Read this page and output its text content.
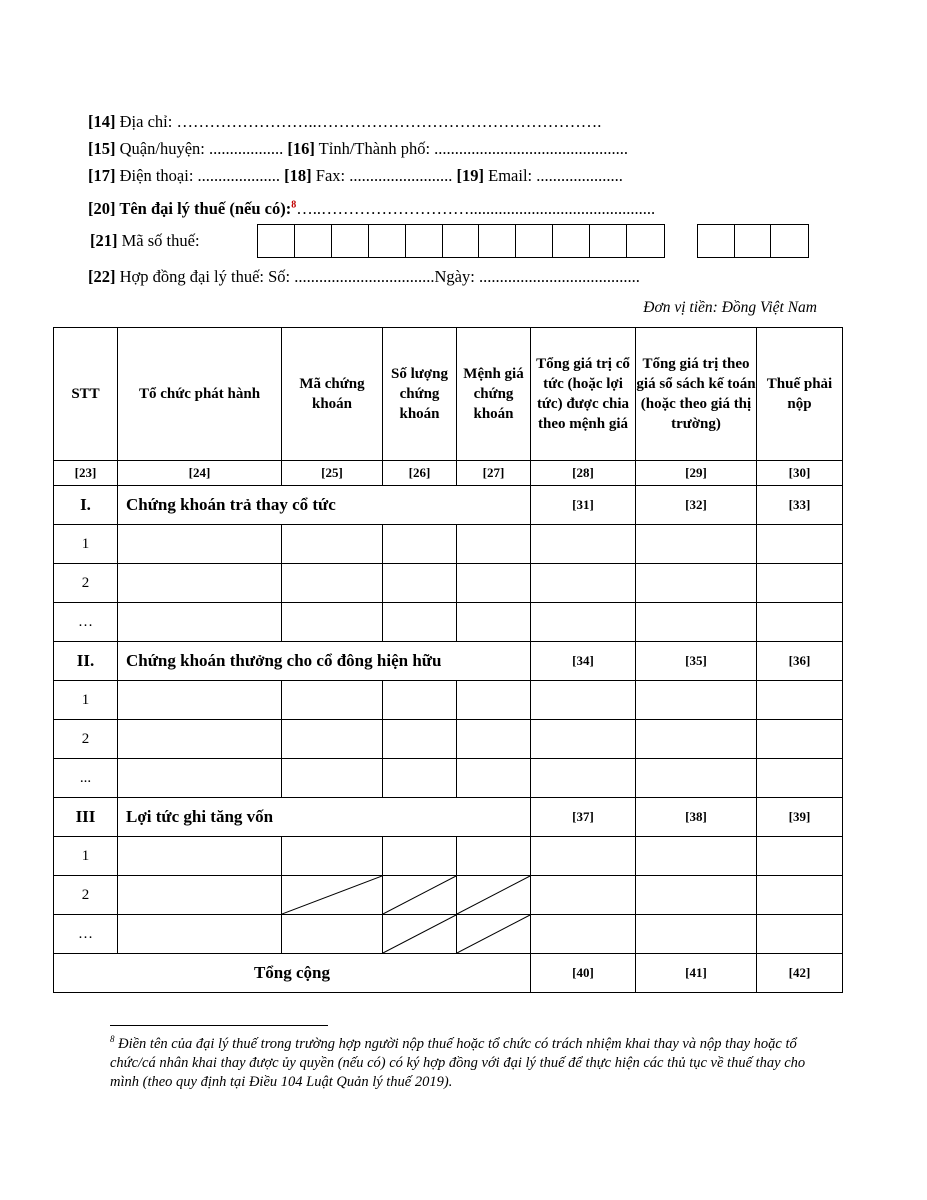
[14] Địa chỉ: ……………………..…………………………………………….
[15] Quận/huyện: .................. [16] Tỉnh/Thành phố: ...............................................
[17] Điện thoại: .................... [18] Fax: ......................... [19] Email: .....................
[20] Tên đại lý thuế (nếu có):$^8$…..……………………….............................................
[21] Mã số thuế:
[22] Hợp đồng đại lý thuế: Số: ..................................Ngày: .......................................
Đơn vị tiền: Đồng Việt Nam
STT	Tổ chức phát hành	Mã chứng khoán	Số lượng chứng khoán	Mệnh giá chứng khoán	Tổng giá trị cổ tức (hoặc lợi tức) được chia theo mệnh giá	Tổng giá trị theo giá sổ sách kế toán (hoặc theo giá thị trường)	Thuế phải nộp
[23]	[24]	[25]	[26]	[27]	[28]	[29]	[30]
I.	Chứng khoán trả thay cổ tức				[31]	[32]	[33]
1							
2							
…							
II.	Chứng khoán thưởng cho cổ đông hiện hữu				[34]	[35]	[36]
1							
2							
...							
III	Lợi tức ghi tăng vốn				[37]	[38]	[39]
1							
2		

…			

Tổng cộng					[40]	[41]	[42]
$^8$ Điền tên của đại lý thuế trong trường hợp người nộp thuế hoặc tổ chức có trách nhiệm khai thay và nộp thay hoặc tổ chức/cá nhân khai thay được ủy quyền (nếu có) có ký hợp đồng với đại lý thuế để thực hiện các thủ tục về thuế thay cho mình (theo quy định tại Điều 104 Luật Quản lý thuế 2019).
